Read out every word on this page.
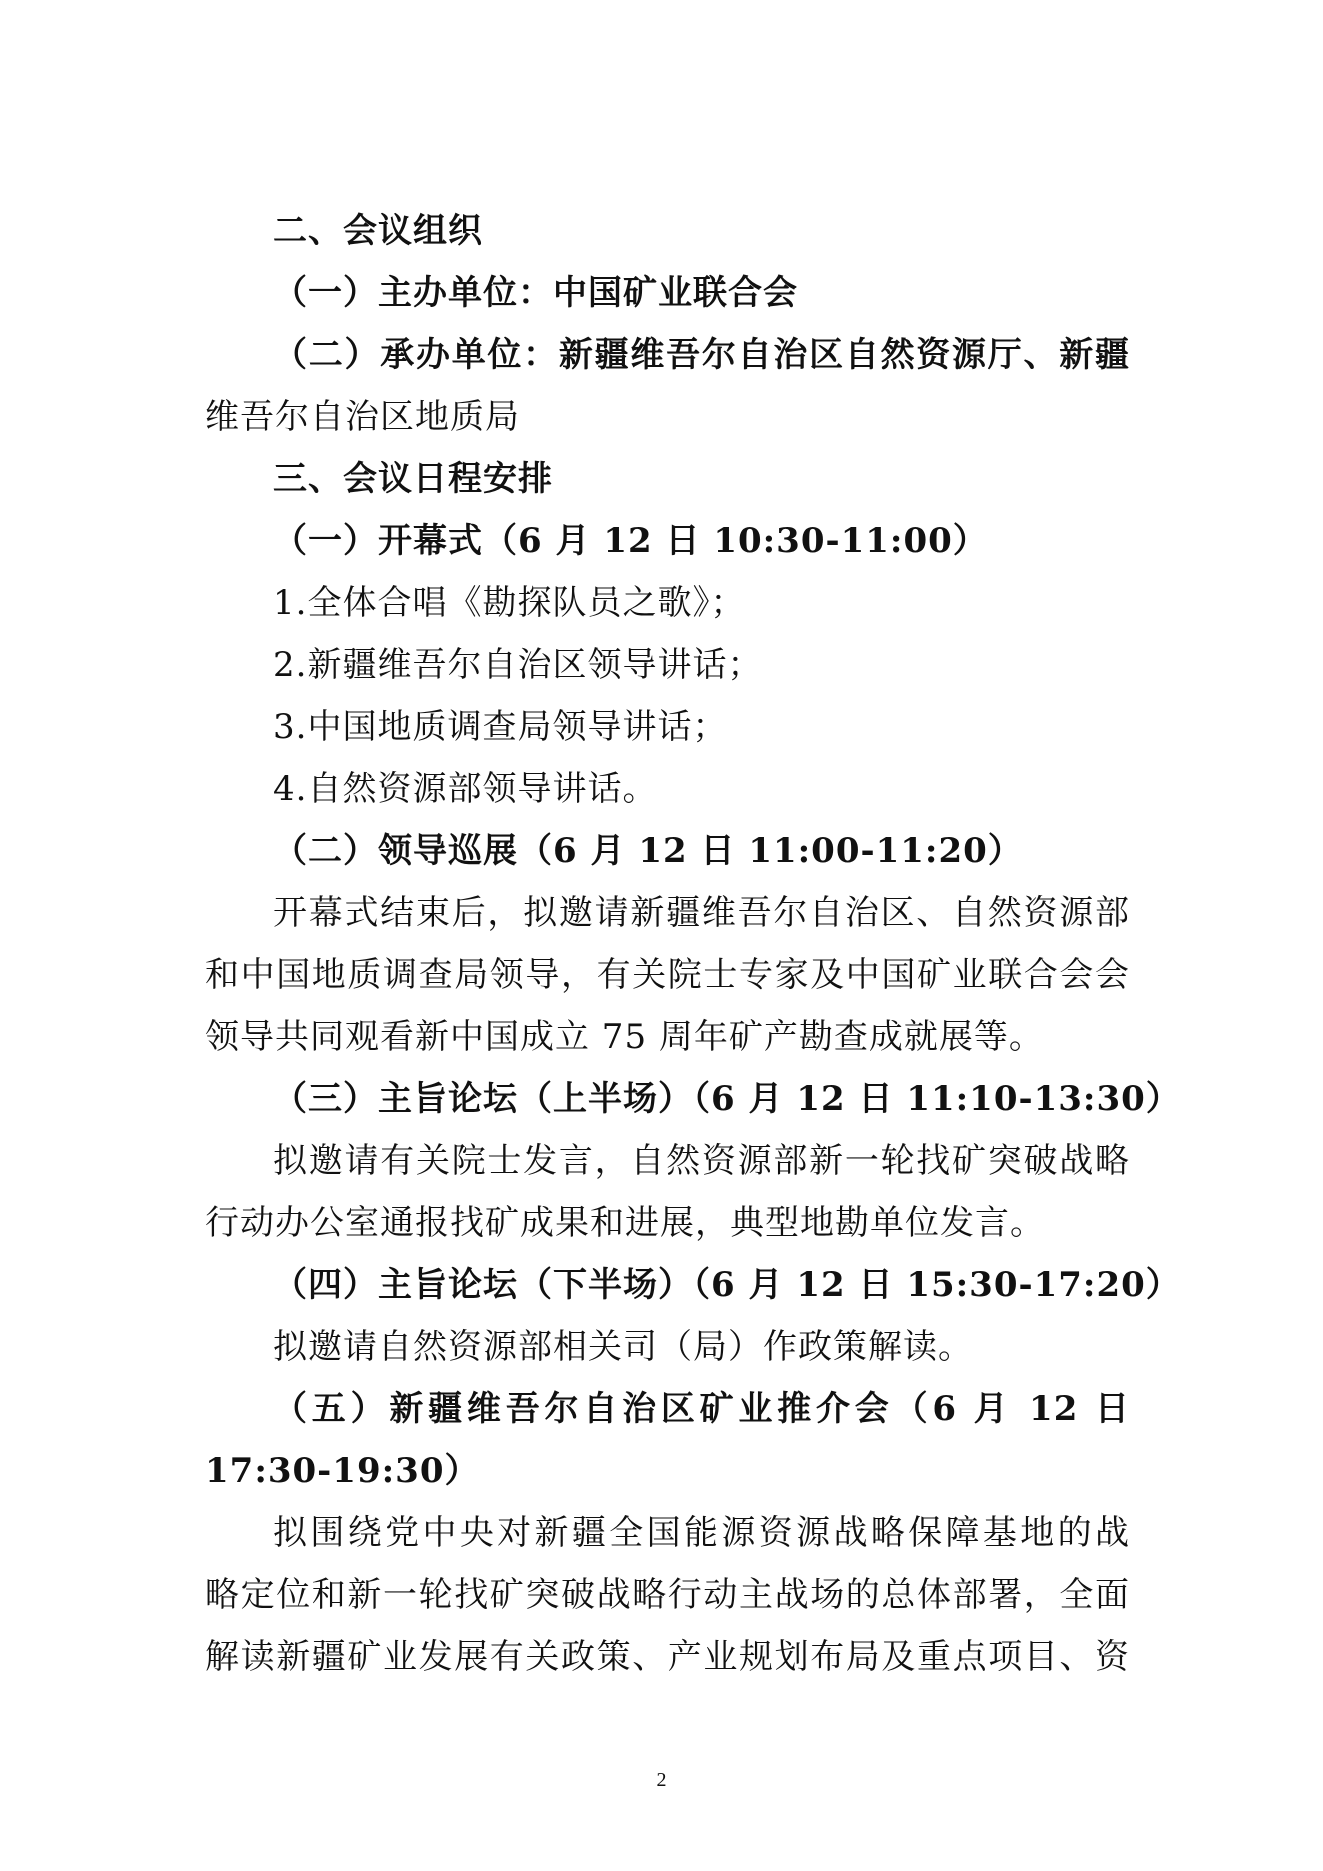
二、会议组织
（一）主办单位：中国矿业联合会
（二）承办单位：新疆维吾尔自治区自然资源厅、新疆
维吾尔自治区地质局
三、会议日程安排
（一）开幕式（6 月 12 日 10:30-11:00）
1.全体合唱《勘探队员之歌》；
2.新疆维吾尔自治区领导讲话；
3.中国地质调查局领导讲话；
4.自然资源部领导讲话。
（二）领导巡展（6 月 12 日 11:00-11:20）
开幕式结束后，拟邀请新疆维吾尔自治区、自然资源部
和中国地质调查局领导，有关院士专家及中国矿业联合会会
领导共同观看新中国成立 75 周年矿产勘查成就展等。
（三）主旨论坛（上半场）（6 月 12 日 11:10-13:30）
拟邀请有关院士发言，自然资源部新一轮找矿突破战略
行动办公室通报找矿成果和进展，典型地勘单位发言。
（四）主旨论坛（下半场）（6 月 12 日 15:30-17:20）
拟邀请自然资源部相关司（局）作政策解读。
（五）新疆维吾尔自治区矿业推介会（6 月 12 日
17:30-19:30）
拟围绕党中央对新疆全国能源资源战略保障基地的战
略定位和新一轮找矿突破战略行动主战场的总体部署，全面
解读新疆矿业发展有关政策、产业规划布局及重点项目、资
2
